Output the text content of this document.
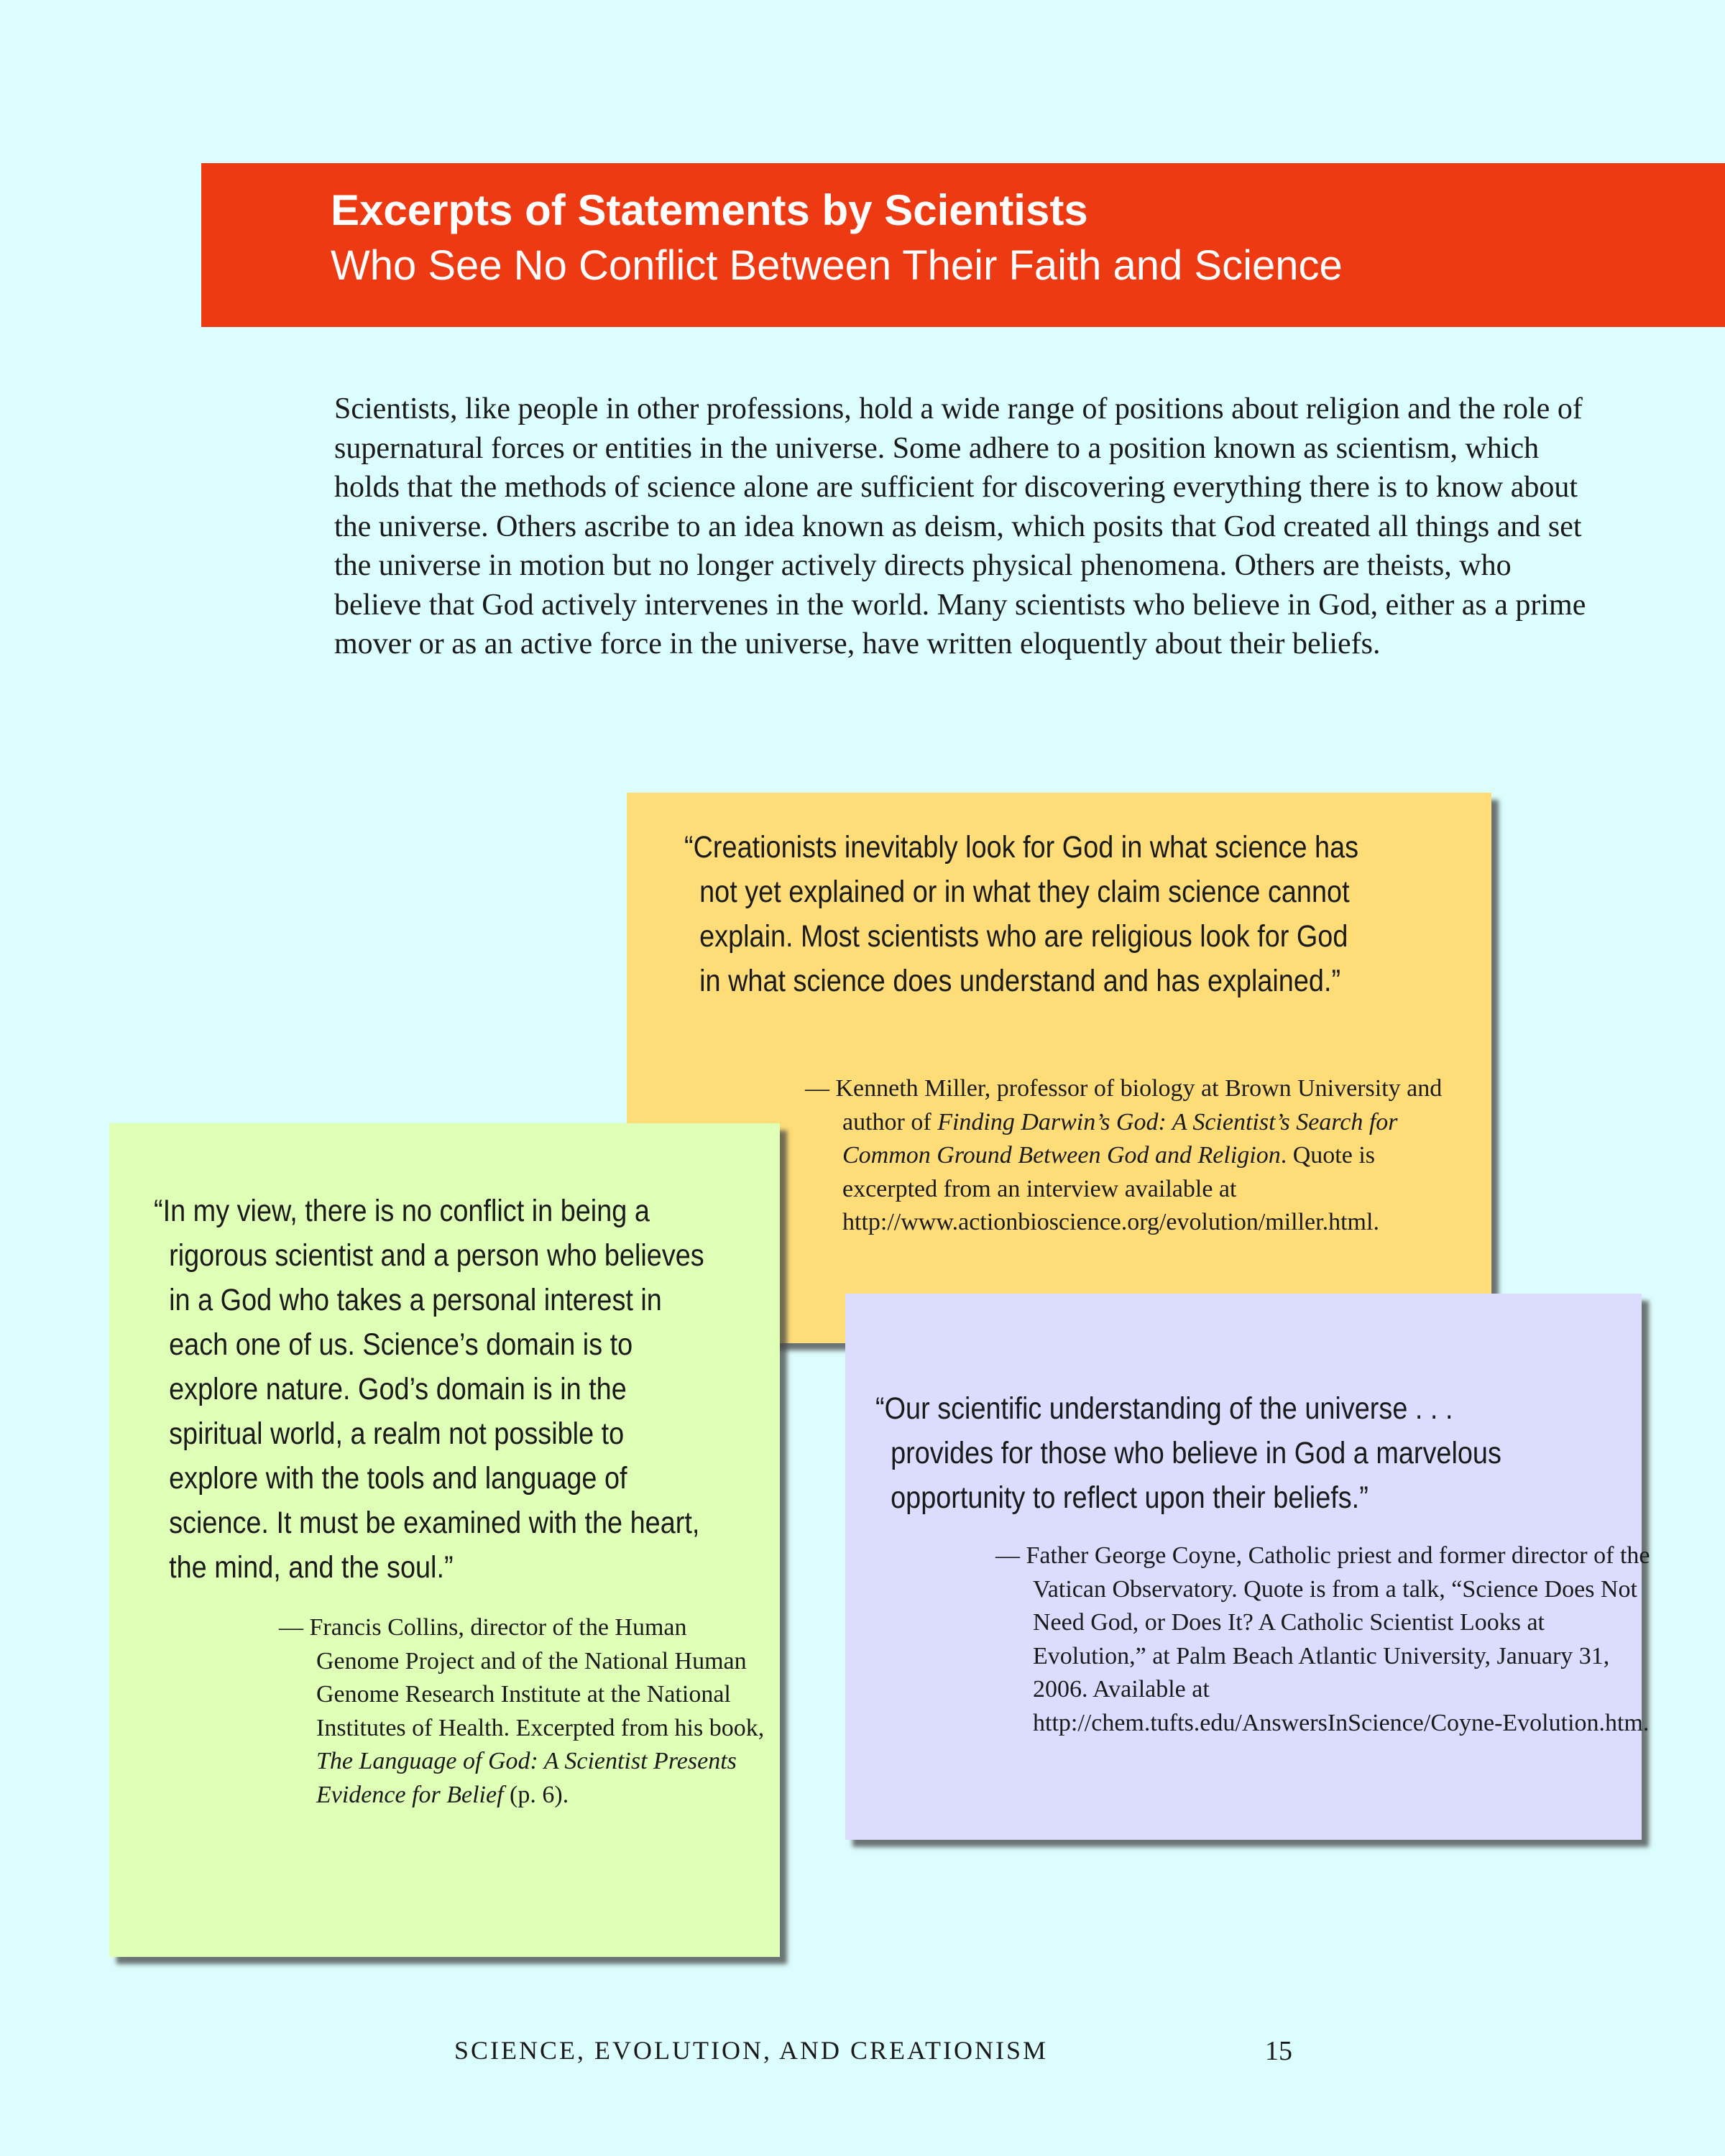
Excerpts of Statements by Scientists
Who See No Conflict Between Their Faith and Science

Scientists, like people in other professions, hold a wide range of positions about religion and the role of supernatural forces or entities in the universe. Some adhere to a position known as scientism, which holds that the methods of science alone are sufficient for discovering everything there is to know about the universe. Others ascribe to an idea known as deism, which posits that God created all things and set the universe in motion but no longer actively directs physical phenomena. Others are theists, who believe that God actively intervenes in the world. Many scientists who believe in God, either as a prime mover or as an active force in the universe, have written eloquently about their beliefs.

“Creationists inevitably look for God in what science has not yet explained or in what they claim science cannot explain. Most scientists who are religious look for God in what science does understand and has explained.”

— Kenneth Miller, professor of biology at Brown University and author of Finding Darwin’s God: A Scientist’s Search for Common Ground Between God and Religion. Quote is excerpted from an interview available at http://www.actionbioscience.org/evolution/miller.html.

“In my view, there is no conflict in being a rigorous scientist and a person who believes in a God who takes a personal interest in each one of us. Science’s domain is to explore nature. God’s domain is in the spiritual world, a realm not possible to explore with the tools and language of science. It must be examined with the heart, the mind, and the soul.”

— Francis Collins, director of the Human Genome Project and of the National Human Genome Research Institute at the National Institutes of Health. Excerpted from his book, The Language of God: A Scientist Presents Evidence for Belief (p. 6).

“Our scientific understanding of the universe . . . provides for those who believe in God a marvelous opportunity to reflect upon their beliefs.”

— Father George Coyne, Catholic priest and former director of the Vatican Observatory. Quote is from a talk, “Science Does Not Need God, or Does It? A Catholic Scientist Looks at Evolution,” at Palm Beach Atlantic University, January 31, 2006. Available at http://chem.tufts.edu/AnswersInScience/Coyne-Evolution.htm.

SCIENCE, EVOLUTION, AND CREATIONISM	15
